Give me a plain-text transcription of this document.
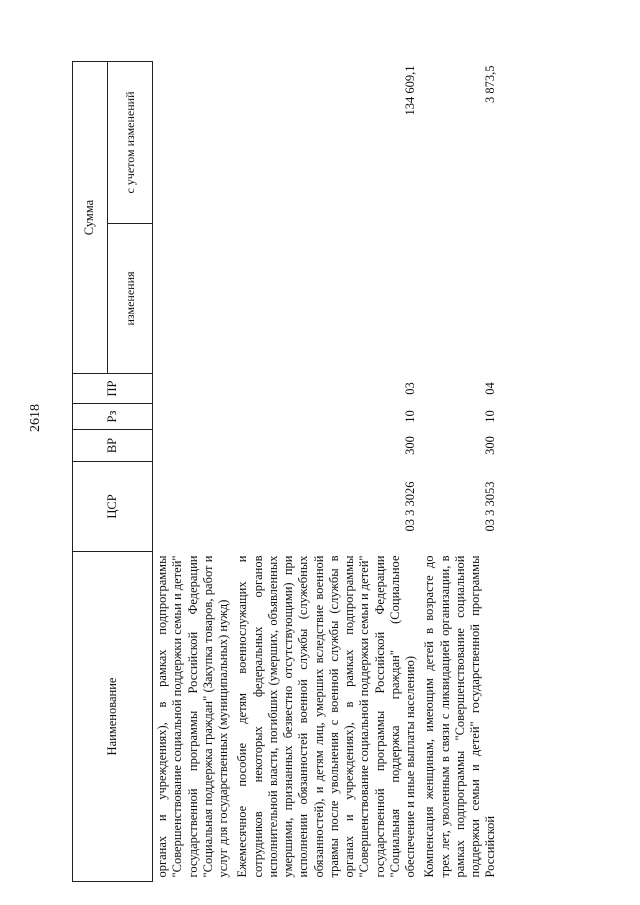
2618
Наименование	ЦСР	ВР	Рз	ПР	Сумма	
					изменения	с учетом изменений
органах и учреждениях), в рамках подпрограммы "Совершенствование социальной поддержки семьи и детей" государственной программы Российской Федерации "Социальная поддержка граждан" (Закупка товаров, работ и услуг для государственных (муниципальных) нужд)						
Ежемесячное пособие детям военнослужащих и сотрудников некоторых федеральных органов исполнительной власти, погибших (умерших, объявленных умершими, признанных безвестно отсутствующими) при исполнении обязанностей военной службы (служебных обязанностей), и детям лиц, умерших вследствие военной травмы после увольнения с военной службы (службы в органах и учреждениях), в рамках подпрограммы "Совершенствование социальной поддержки семьи и детей" государственной программы Российской Федерации "Социальная поддержка граждан" (Социальное обеспечение и иные выплаты населению)	03 3 3026	300	10	03		134 609,1
Компенсация женщинам, имеющим детей в возрасте до трех лет, уволенным в связи с ликвидацией организации, в рамках подпрограммы "Совершенствование социальной поддержки семьи и детей" государственной программы Российской	03 3 3053	300	10	04		3 873,5
